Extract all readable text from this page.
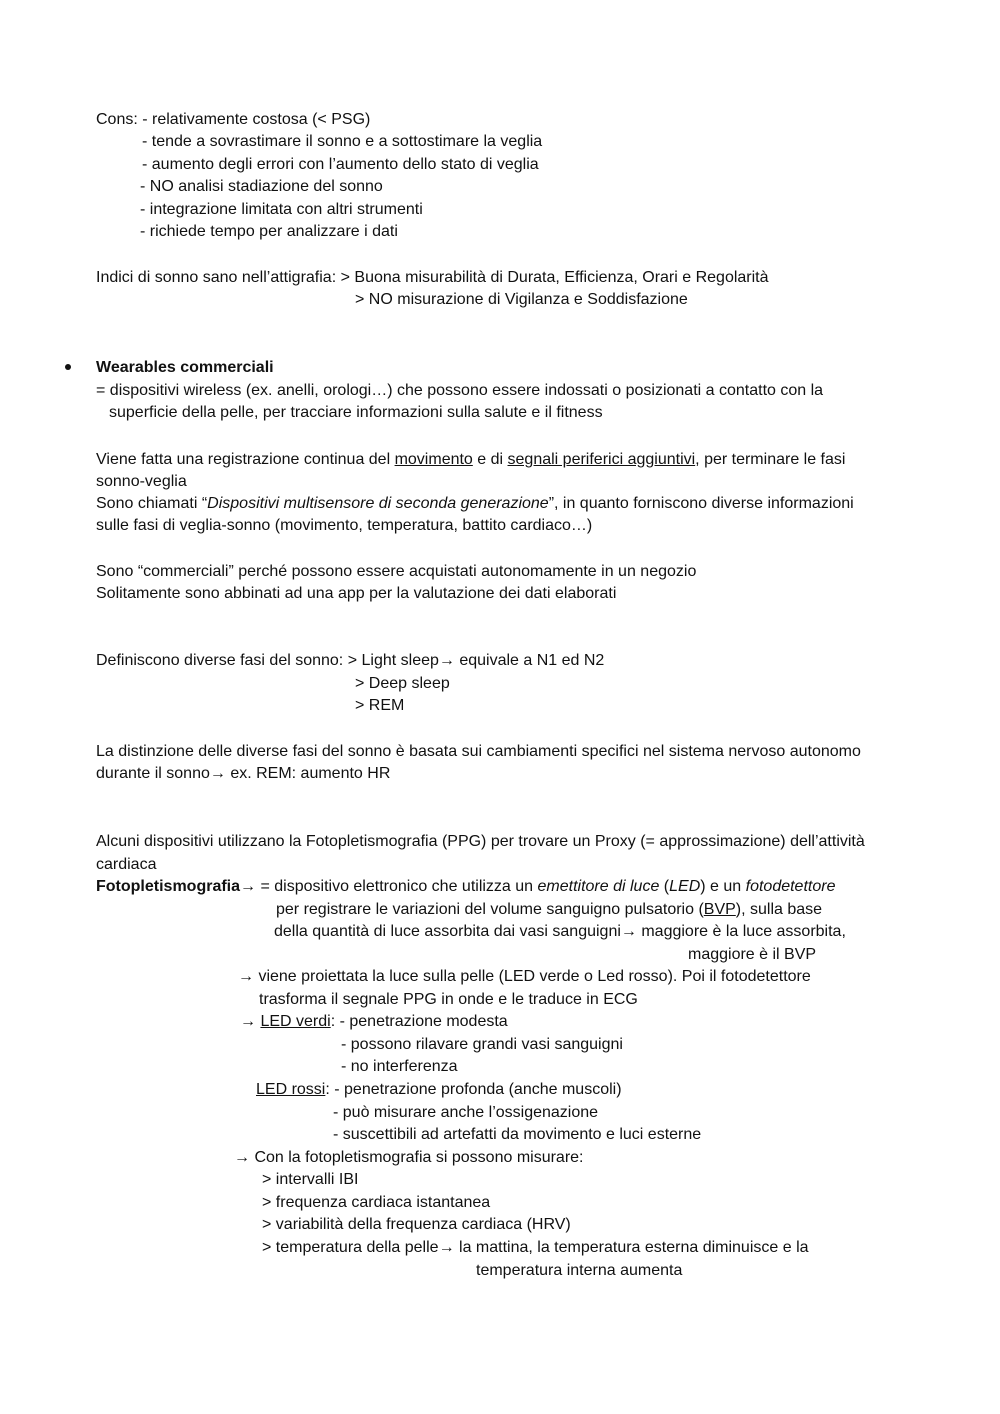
Cons: - relativamente costosa (< PSG)
- tende a sovrastimare il sonno e a sottostimare la veglia
- aumento degli errori con l’aumento dello stato di veglia
- NO analisi stadiazione del sonno
- integrazione limitata con altri strumenti
- richiede tempo per analizzare i dati
Indici di sonno sano nell’attigrafia: > Buona misurabilità di Durata, Efficienza, Orari e Regolarità
> NO misurazione di Vigilanza e Soddisfazione
Wearables commerciali
= dispositivi wireless (ex. anelli, orologi…) che possono essere indossati o posizionati a contatto con la
superficie della pelle, per tracciare informazioni sulla salute e il fitness
Viene fatta una registrazione continua del movimento e di segnali periferici aggiuntivi, per terminare le fasi
sonno-veglia
Sono chiamati “Dispositivi multisensore di seconda generazione”, in quanto forniscono diverse informazioni
sulle fasi di veglia-sonno (movimento, temperatura, battito cardiaco…)
Sono “commerciali” perché possono essere acquistati autonomamente in un negozio
Solitamente sono abbinati ad una app per la valutazione dei dati elaborati
Definiscono diverse fasi del sonno: > Light sleep→ equivale a N1 ed N2
> Deep sleep
> REM
La distinzione delle diverse fasi del sonno è basata sui cambiamenti specifici nel sistema nervoso autonomo
durante il sonno→ ex. REM: aumento HR
Alcuni dispositivi utilizzano la Fotopletismografia (PPG) per trovare un Proxy (= approssimazione) dell’attività
cardiaca
Fotopletismografia→ = dispositivo elettronico che utilizza un emettitore di luce (LED) e un fotodetettore
per registrare le variazioni del volume sanguigno pulsatorio (BVP), sulla base
della quantità di luce assorbita dai vasi sanguigni→ maggiore è la luce assorbita,
maggiore è il BVP
→ viene proiettata la luce sulla pelle (LED verde o Led rosso). Poi il fotodetettore
trasforma il segnale PPG in onde e le traduce in ECG
→ LED verdi: - penetrazione modesta
- possono rilavare grandi vasi sanguigni
- no interferenza
LED rossi: - penetrazione profonda (anche muscoli)
- può misurare anche l’ossigenazione
- suscettibili ad artefatti da movimento e luci esterne
→ Con la fotopletismografia si possono misurare:
> intervalli IBI
> frequenza cardiaca istantanea
> variabilità della frequenza cardiaca (HRV)
> temperatura della pelle→ la mattina, la temperatura esterna diminuisce e la
temperatura interna aumenta
